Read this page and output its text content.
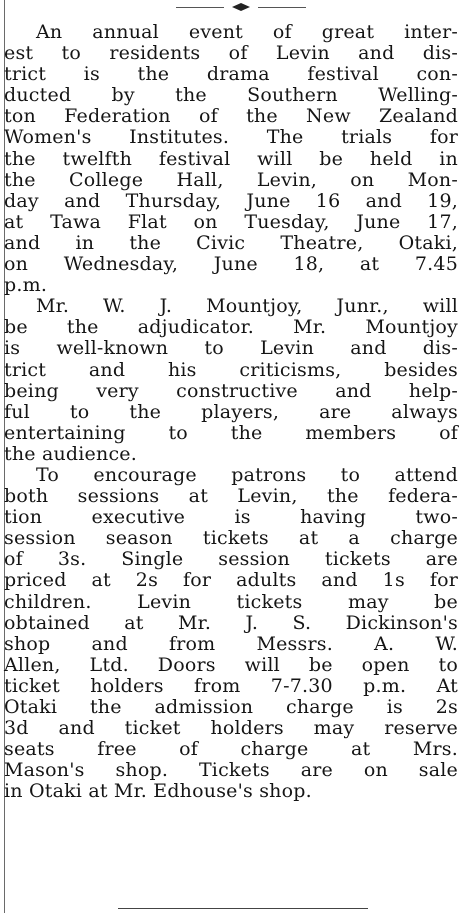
An annual event of great inter-
est to residents of Levin and dis-
trict is the drama festival con-
ducted by the Southern Welling-
ton Federation of the New Zealand
Women's Institutes. The trials for
the twelfth festival will be held in
the College Hall, Levin, on Mon-
day and Thursday, June 16 and 19,
at Tawa Flat on Tuesday, June 17,
and in the Civic Theatre, Otaki,
on Wednesday, June 18, at 7.45
p.m.
Mr. W. J. Mountjoy, Junr., will
be the adjudicator. Mr. Mountjoy
is well-known to Levin and dis-
trict and his criticisms, besides
being very constructive and help-
ful to the players, are always
entertaining to the members of
the audience.
To encourage patrons to attend
both sessions at Levin, the federa-
tion executive is having two-
session season tickets at a charge
of 3s. Single session tickets are
priced at 2s for adults and 1s for
children. Levin tickets may be
obtained at Mr. J. S. Dickinson's
shop and from Messrs. A. W.
Allen, Ltd. Doors will be open to
ticket holders from 7-7.30 p.m. At
Otaki the admission charge is 2s
3d and ticket holders may reserve
seats free of charge at Mrs.
Mason's shop. Tickets are on sale
in Otaki at Mr. Edhouse's shop.
